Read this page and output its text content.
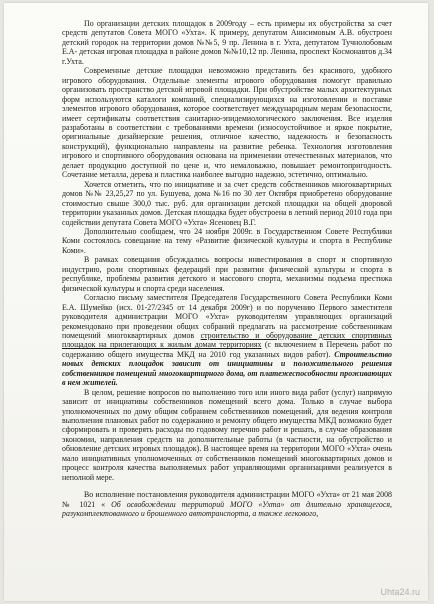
По организации детских площадок в 2009году – есть примеры их обустройства за счет средств депутатов Совета МОГО «Ухта». К примеру, депутатом Анисимовым А.В. обустроен детский городок на территории домов №№5, 9 пр. Ленина в г. Ухта, депутатом Тучнолобовым Е.А- детская игровая площадка в районе домов №№10,12 пр. Ленина, проспект Космонавтов д.34 г.Ухта.

Современные детские площадки невозможно представить без красивого, удобного игрового оборудования. Отдельные элементы игрового оборудования помогут правильно организовать пространство детской игровой площадки. При обустройстве малых архитектурных форм используются каталоги компаний, специализирующихся на изготовлении и поставке элементов игрового оборудования, которое соответствует международным мерам безопасности, имеет сертификаты соответствия санитарно-эпидемиологического заключения. Все изделия разработаны в соответствии с требованиями времени (износоустойчивое и яркое покрытие, оригинальные дизайнерские решения, отличное качество, надежность и безопасность конструкций), функционально направлены на развитие ребенка. Технология изготовления игрового и спортивного оборудования основана на применении отечественных материалов, что делает продукцию доступной по цене и, что немаловажно, повышает ремонтопригодность. Сочетание металла, дерева и пластика наиболее выгодно надежно, эстетично, оптимально.

Хочется отметить, что по инициативе и за счет средств собственников многоквартирных домов №№ 23,25,27 по ул. Бушуева, дома №16 по 30 лет Октября приобретено оборудование стоимостью свыше 300,0 тыс. руб. для организации детской площадки на общей дворовой территории указанных домов. Детская площадка будет обустроена в летний период 2010 года при содействии депутата Совета МОГО «Ухта» Ясеновец В.Г.

Дополнительно сообщаем, что 24 ноября 2009г. в Государственном Совете Республики Коми состоялось совещание на тему «Развитие физической культуры и спорта в Республике Коми».

В рамках совещания обсуждались вопросы инвестирования в спорт и спортивную индустрию, роли спортивных федераций при развитии физической культуры и спорта в республике, проблемы развития детского и массового спорта, механизмы подъема престижа физической культуры и спорта среди населения.

Согласно письму заместителя Председателя Государственного Совета Республики Коми Е.А. Шумейко (исх. 01-27/2345 от 14 декабря 2009г) и по поручению Первого заместителя руководителя администрации МОГО «Ухта» руководителям управляющих организаций рекомендовано при проведении общих собраний предлагать на рассмотрение собственникам помещений многоквартирных домов строительство и оборудование детских спортивных площадок на прилегающих к жилым домам территориях (с включением в Перечень работ по содержанию общего имущества МКД на 2010 год указанных видов работ). Строительство новых детских площадок зависит от инициативы и положительного решения собственников помещений многоквартирного дома, от платежеспособности проживающих в нем жителей.

В целом, решение вопросов по выполнению того или иного вида работ (услуг) напрямую зависит от инициативы собственников помещений всего дома. Только в случае выбора уполномоченных по дому общим собранием собственников помещений, для ведения контроля выполнения плановых работ по содержанию и ремонту общего имущества МКД возможно будет сформировать и проверять расходы по годовому перечню работ и решать, в случае образования экономии, направления средств на дополнительные работы (в частности, на обустройство и обновление детских игровых площадок). В настоящее время на территории МОГО «Ухта» очень мало инициативных уполномоченных от собственников помещений многоквартирных домов и процесс контроля качества выполняемых работ управляющими организациями реализуется в неполной мере.

Во исполнение постановления руководителя администрации МОГО «Ухта» от 21 мая 2008 № 1021 « Об освобождении территорий МОГО «Ухта» от длительно хранящегося, разукомплектованного и брошенного автотранспорта, а также легкового,

Uhta24.ru
